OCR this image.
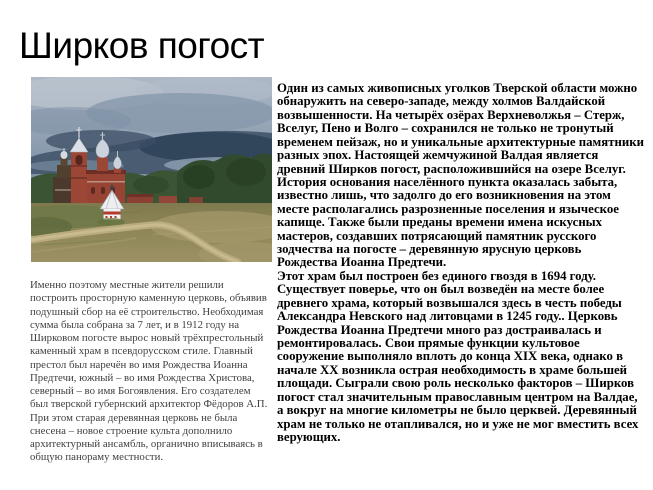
Ширков погост

Именно поэтому местные жители решили построить просторную каменную церковь, объявив подушный сбор на её строительство. Необходимая сумма была собрана за 7 лет, и в 1912 году на Ширковом погосте вырос новый трёхпрестольный каменный храм в псевдорусском стиле. Главный престол был наречён во имя Рождества Иоанна Предтечи, южный – во имя Рождества Христова, северный – во имя Богоявления. Его создателем был тверской губернский архитектор Фёдоров А.П. При этом старая деревянная церковь не была снесена – новое строение культа дополнило архитектурный ансамбль, органично вписываясь в общую панораму местности.

Один из самых живописных уголков Тверской области можно обнаружить на северо-западе, между холмов Валдайской возвышенности. На четырёх озёрах Верхневолжья – Стерж, Вселуг, Пено и Волго – сохранился не только не тронутый временем пейзаж, но и уникальные архитектурные памятники разных эпох. Настоящей жемчужиной Валдая является древний Ширков погост, расположившийся на озере Вселуг. История основания населённого пункта оказалась забыта, известно лишь, что задолго до его возникновения на этом месте располагались разрозненные поселения и языческое капище. Также были преданы времени имена искусных мастеров, создавших потрясающий памятник русского зодчества на погосте – деревянную ярусную церковь Рождества Иоанна Предтечи.

Этот храм был построен без единого гвоздя в 1694 году. Существует поверье, что он был возведён на месте более древнего храма, который возвышался здесь в честь победы Александра Невского над литовцами в 1245 году.. Церковь Рождества Иоанна Предтечи много раз достраивалась и ремонтировалась. Свои прямые функции культовое сооружение выполняло вплоть до конца XIX века, однако в начале XX возникла острая необходимость в храме большей площади. Сыграли свою роль несколько факторов – Ширков погост стал значительным православным центром на Валдае, а вокруг на многие километры не было церквей. Деревянный храм не только не отапливался, но и уже не мог вместить всех верующих.
